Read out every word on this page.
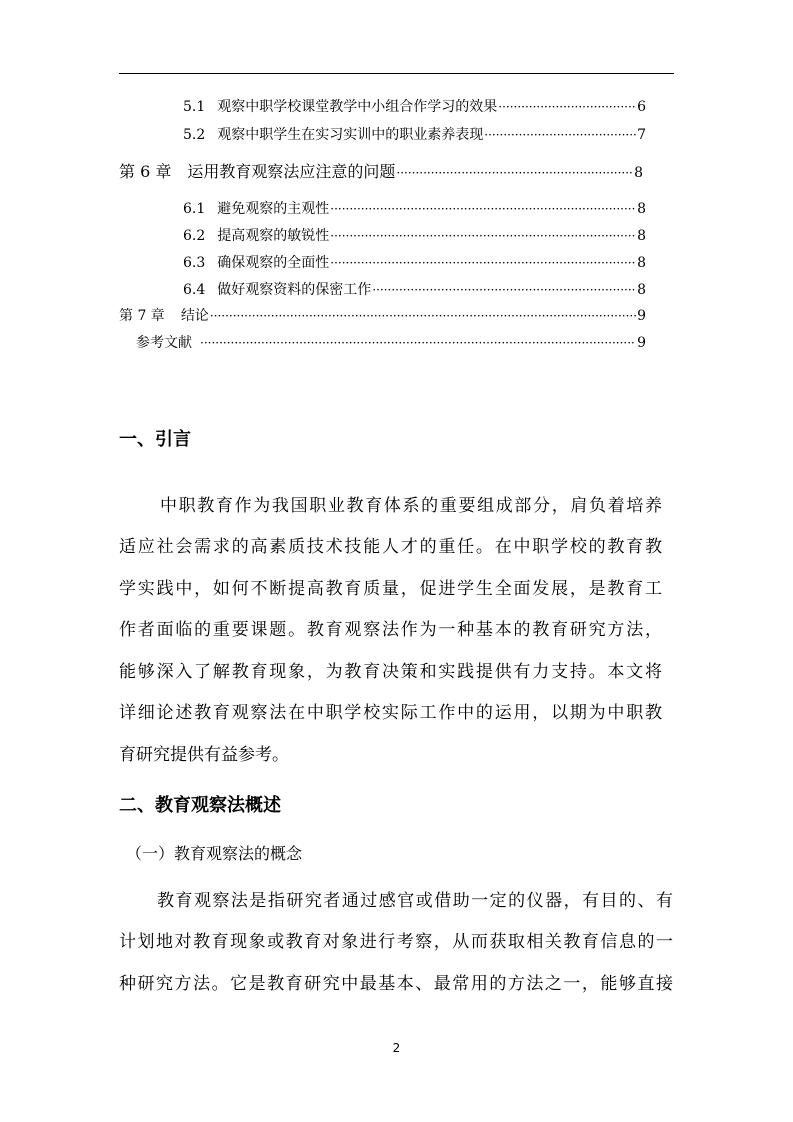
5.1 观察中职学校课堂教学中小组合作学习的效果 ·····	6
5.2 观察中职学生在实习实训中的职业素养表现 ·····	7
第 6 章 运用教育观察法应注意的问题 ·····	8
6.1 避免观察的主观性 ·····	8
6.2 提高观察的敏锐性 ·····	8
6.3 确保观察的全面性 ·····	8
6.4 做好观察资料的保密工作 ·····	8
第 7 章 结论 ·····	9
参考文献 ·····	9
一、引言
中职教育作为我国职业教育体系的重要组成部分，肩负着培养
适应社会需求的高素质技术技能人才的重任。在中职学校的教育教
学实践中，如何不断提高教育质量，促进学生全面发展，是教育工
作者面临的重要课题。教育观察法作为一种基本的教育研究方法，
能够深入了解教育现象，为教育决策和实践提供有力支持。本文将
详细论述教育观察法在中职学校实际工作中的运用，以期为中职教
育研究提供有益参考。
二、教育观察法概述
（一）教育观察法的概念
教育观察法是指研究者通过感官或借助一定的仪器，有目的、有
计划地对教育现象或教育对象进行考察，从而获取相关教育信息的一
种研究方法。它是教育研究中最基本、最常用的方法之一，能够直接
2
